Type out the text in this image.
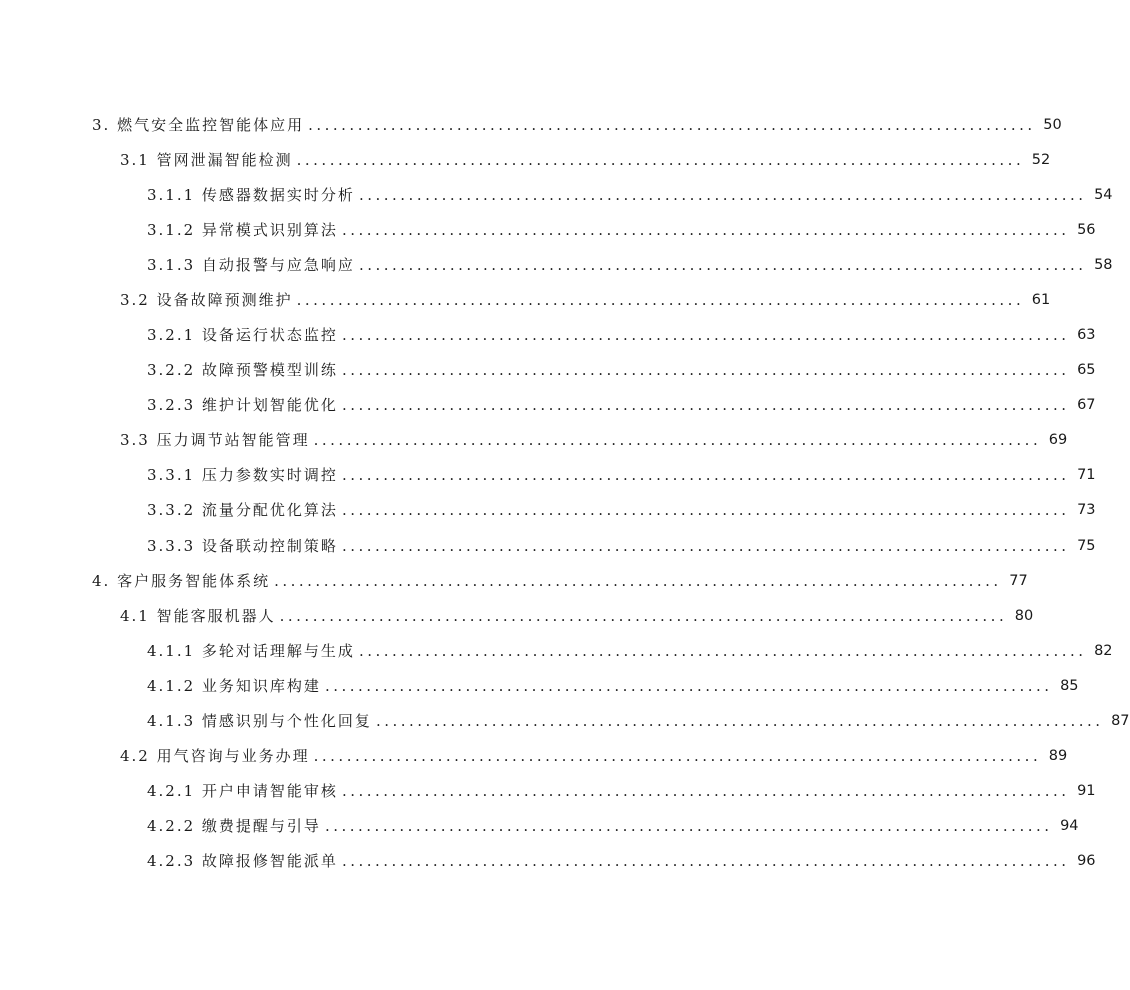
3. 燃气安全监控智能体应用 ........................................................................................ 50
3.1 管网泄漏智能检测 ........................................................................................ 52
3.1.1 传感器数据实时分析 ........................................................................................ 54
3.1.2 异常模式识别算法 ........................................................................................ 56
3.1.3 自动报警与应急响应 ........................................................................................ 58
3.2 设备故障预测维护 ........................................................................................ 61
3.2.1 设备运行状态监控 ........................................................................................ 63
3.2.2 故障预警模型训练 ........................................................................................ 65
3.2.3 维护计划智能优化 ........................................................................................ 67
3.3 压力调节站智能管理 ........................................................................................ 69
3.3.1 压力参数实时调控 ........................................................................................ 71
3.3.2 流量分配优化算法 ........................................................................................ 73
3.3.3 设备联动控制策略 ........................................................................................ 75
4. 客户服务智能体系统 ........................................................................................ 77
4.1 智能客服机器人 ........................................................................................ 80
4.1.1 多轮对话理解与生成 ........................................................................................ 82
4.1.2 业务知识库构建 ........................................................................................ 85
4.1.3 情感识别与个性化回复 ........................................................................................ 87
4.2 用气咨询与业务办理 ........................................................................................ 89
4.2.1 开户申请智能审核 ........................................................................................ 91
4.2.2 缴费提醒与引导 ........................................................................................ 94
4.2.3 故障报修智能派单 ........................................................................................ 96
